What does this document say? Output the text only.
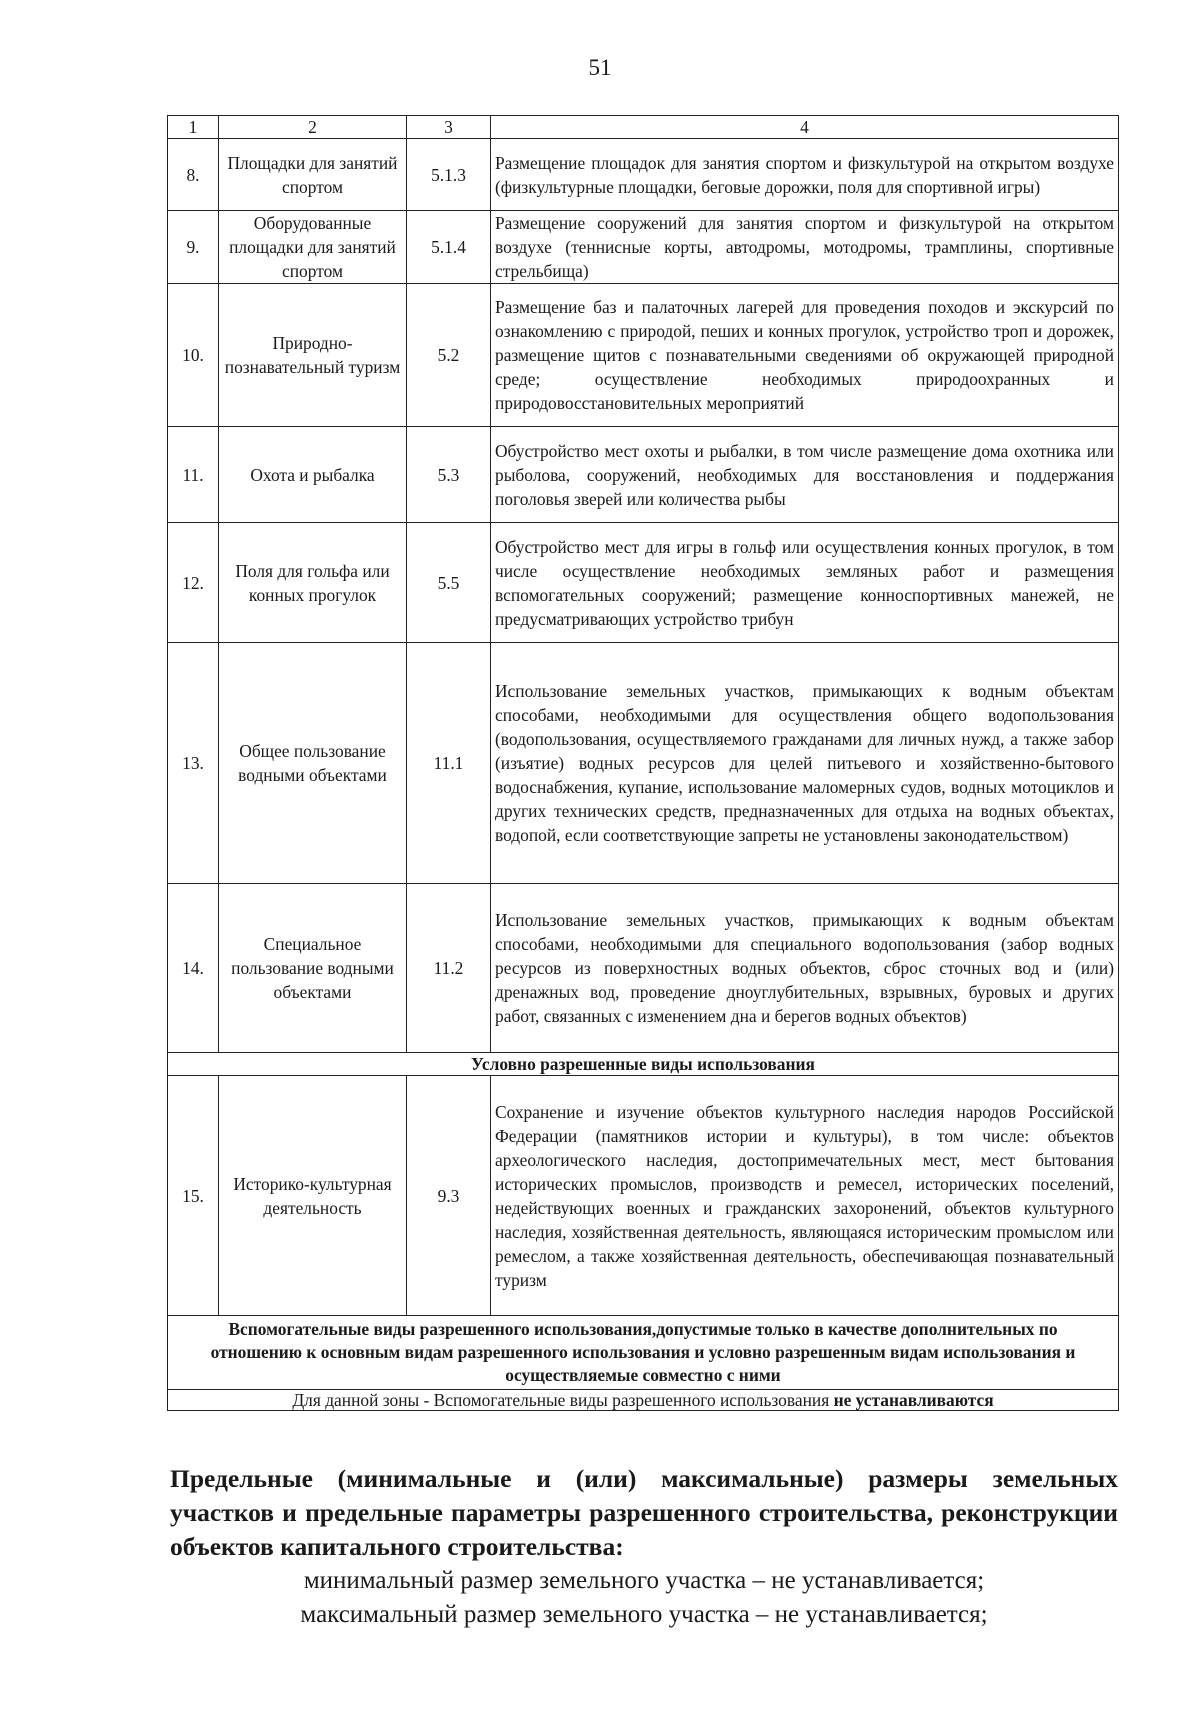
51
1	2	3	4
8.	Площадки для занятий спортом	5.1.3	Размещение площадок для занятия спортом и физкультурой на открытом воздухе (физкультурные площадки, беговые дорожки, поля для спортивной игры)
9.	Оборудованные площадки для занятий спортом	5.1.4	Размещение сооружений для занятия спортом и физкультурой на открытом воздухе (теннисные корты, автодромы, мотодромы, трамплины, спортивные стрельбища)
10.	Природно-познавательный туризм	5.2	Размещение баз и палаточных лагерей для проведения походов и экскурсий по ознакомлению с природой, пеших и конных прогулок, устройство троп и дорожек, размещение щитов с познавательными сведениями об окружающей природной среде; осуществление необходимых природоохранных и природовосстановительных мероприятий
11.	Охота и рыбалка	5.3	Обустройство мест охоты и рыбалки, в том числе размещение дома охотника или рыболова, сооружений, необходимых для восстановления и поддержания поголовья зверей или количества рыбы
12.	Поля для гольфа или конных прогулок	5.5	Обустройство мест для игры в гольф или осуществления конных прогулок, в том числе осуществление необходимых земляных работ и размещения вспомогательных сооружений; размещение конноспортивных манежей, не предусматривающих устройство трибун
13.	Общее пользование водными объектами	11.1	Использование земельных участков, примыкающих к водным объектам способами, необходимыми для осуществления общего водопользования (водопользования, осуществляемого гражданами для личных нужд, а также забор (изъятие) водных ресурсов для целей питьевого и хозяйственно-бытового водоснабжения, купание, использование маломерных судов, водных мотоциклов и других технических средств, предназначенных для отдыха на водных объектах, водопой, если соответствующие запреты не установлены законодательством)
14.	Специальное пользование водными объектами	11.2	Использование земельных участков, примыкающих к водным объектам способами, необходимыми для специального водопользования (забор водных ресурсов из поверхностных водных объектов, сброс сточных вод и (или) дренажных вод, проведение дноуглубительных, взрывных, буровых и других работ, связанных с изменением дна и берегов водных объектов)
Условно разрешенные виды использования			
15.	Историко-культурная деятельность	9.3	Сохранение и изучение объектов культурного наследия народов Российской Федерации (памятников истории и культуры), в том числе: объектов археологического наследия, достопримечательных мест, мест бытования исторических промыслов, производств и ремесел, исторических поселений, недействующих военных и гражданских захоронений, объектов культурного наследия, хозяйственная деятельность, являющаяся историческим промыслом или ремеслом, а также хозяйственная деятельность, обеспечивающая познавательный туризм
Вспомогательные виды разрешенного использования,допустимые только в качестве дополнительных по отношению к основным видам разрешенного использования и условно разрешенным видам использования и осуществляемые совместно с ними			
Для данной зоны - Вспомогательные виды разрешенного использования не устанавливаются			
Предельные (минимальные и (или) максимальные) размеры земельных участков и предельные параметры разрешенного строительства, реконструкции объектов капитального строительства:
минимальный размер земельного участка – не устанавливается;
максимальный размер земельного участка – не устанавливается;
